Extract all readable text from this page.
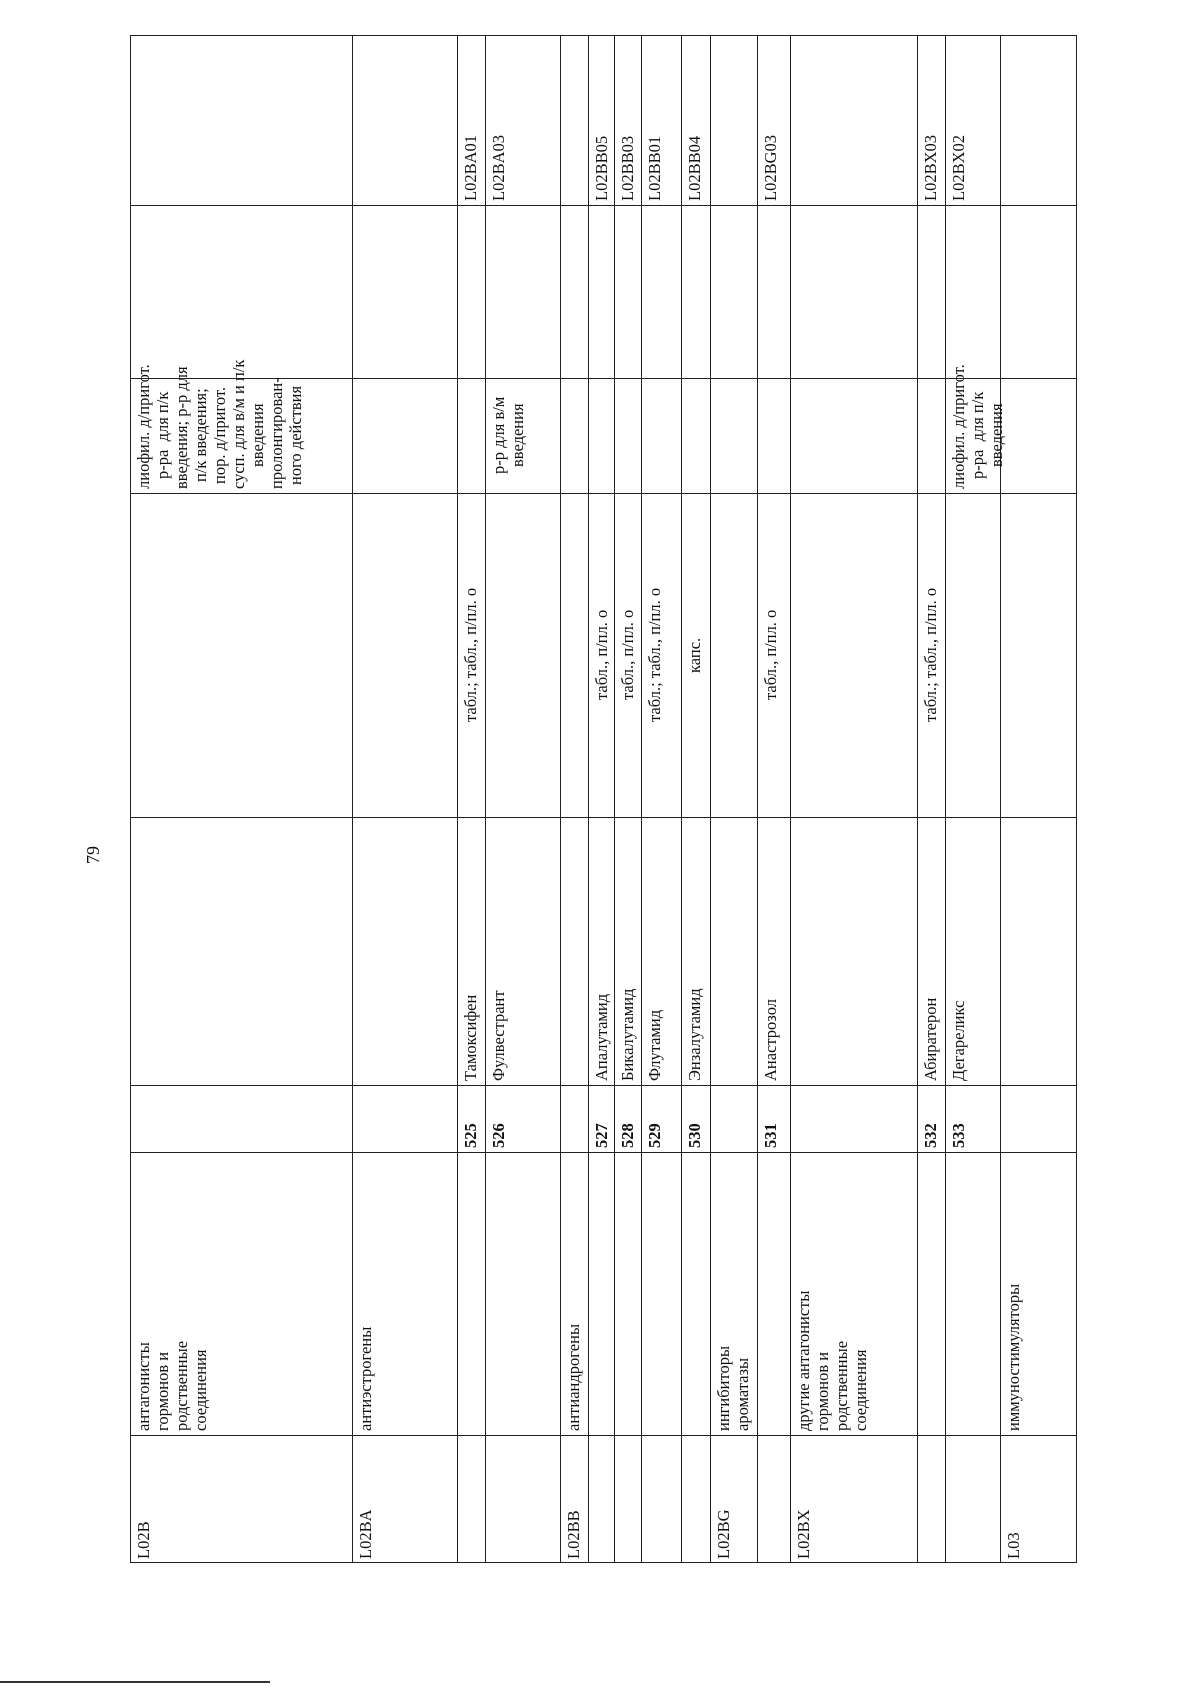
79
L02B
антагонисты
гормонов и
родственные
соединения
лиофил. д/пригот.
р-ра  для п/к
введения; р-р для
п/к введения;
пор. д/пригот.
сусп. для в/м и п/к
введения
пролонгирован-
ного действия
L02BA
антиэстрогены
525
Тамоксифен
табл.; табл., п/пл. о
L02BA01
526
Фулвестрант
р-р для в/м
введения
L02BA03
L02BB
антиандрогены
527
Апалутамид
табл., п/пл. о
L02BB05
528
Бикалутамид
табл., п/пл. о
L02BB03
529
Флутамид
табл.; табл., п/пл. о
L02BB01
530
Энзалутамид
капс.
L02BB04
L02BG
ингибиторы
ароматазы
531
Анастрозол
табл., п/пл. о
L02BG03
L02BX
другие антагонисты
гормонов и
родственные
соединения
532
Абиратерон
табл.; табл., п/пл. о
L02BX03
533
Дегареликс
лиофил. д/пригот.
р-ра  для п/к
введения
L02BX02
L03
иммуностимуляторы
